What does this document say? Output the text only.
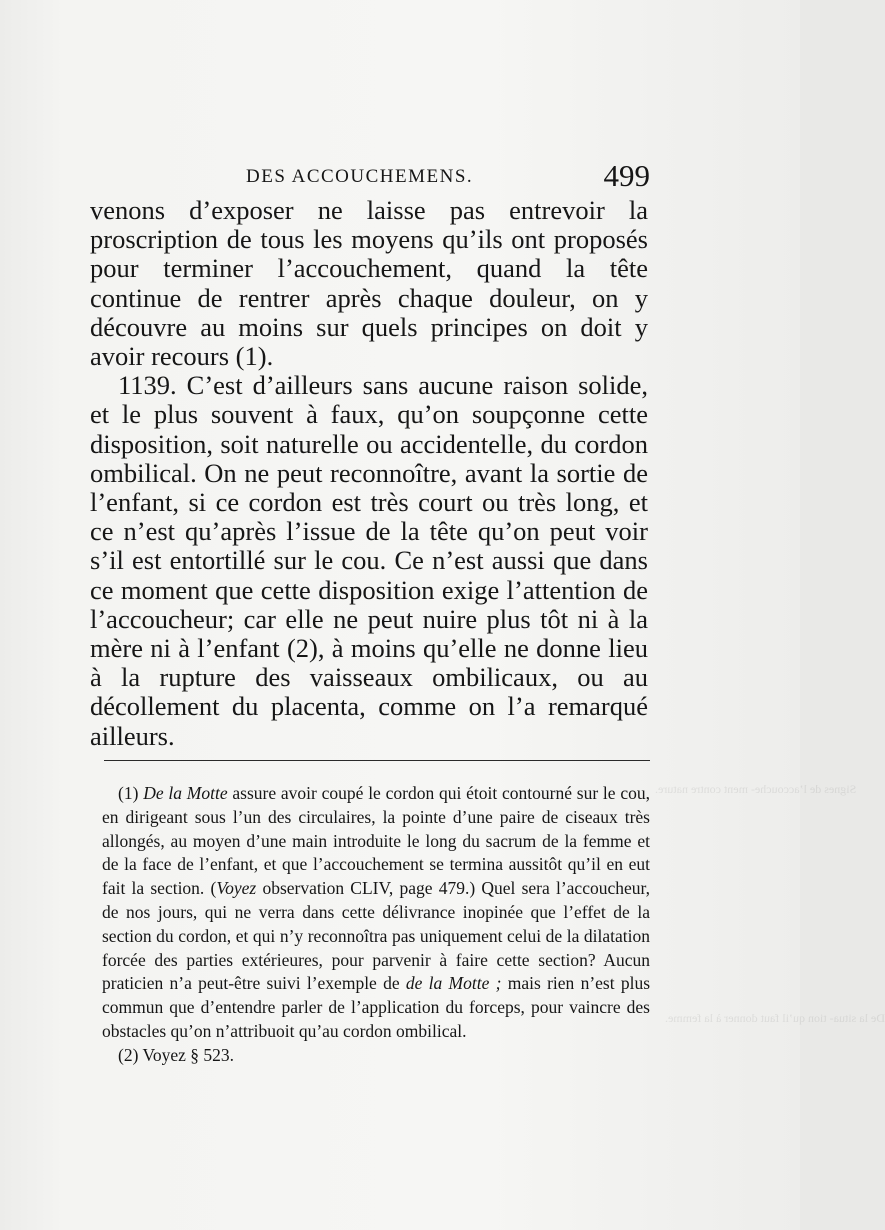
Signes de l’accouche- ment contre nature.
De la situa- tion qu’il faut donner à la femme.
DES ACCOUCHEMENS.	499

venons d’exposer ne laisse pas entrevoir la proscription de tous les moyens qu’ils ont proposés pour terminer l’accouchement, quand la tête continue de rentrer après chaque douleur, on y découvre au moins sur quels principes on doit y avoir recours (1).

1139. C’est d’ailleurs sans aucune raison solide, et le plus souvent à faux, qu’on soupçonne cette disposition, soit naturelle ou accidentelle, du cordon ombilical. On ne peut reconnoître, avant la sortie de l’enfant, si ce cordon est très court ou très long, et ce n’est qu’après l’issue de la tête qu’on peut voir s’il est entortillé sur le cou. Ce n’est aussi que dans ce moment que cette disposition exige l’attention de l’accoucheur; car elle ne peut nuire plus tôt ni à la mère ni à l’enfant (2), à moins qu’elle ne donne lieu à la rupture des vaisseaux ombilicaux, ou au décollement du placenta, comme on l’a remarqué ailleurs.

(1) De la Motte assure avoir coupé le cordon qui étoit contourné sur le cou, en dirigeant sous l’un des circulaires, la pointe d’une paire de ciseaux très allongés, au moyen d’une main introduite le long du sacrum de la femme et de la face de l’enfant, et que l’accouchement se termina aussitôt qu’il en eut fait la section. (Voyez observation CLIV, page 479.) Quel sera l’accoucheur, de nos jours, qui ne verra dans cette délivrance inopinée que l’effet de la section du cordon, et qui n’y reconnoîtra pas uniquement celui de la dilatation forcée des parties extérieures, pour parvenir à faire cette section? Aucun praticien n’a peut-être suivi l’exemple de de la Motte ; mais rien n’est plus commun que d’entendre parler de l’application du forceps, pour vaincre des obstacles qu’on n’attribuoit qu’au cordon ombilical.

(2) Voyez § 523.
